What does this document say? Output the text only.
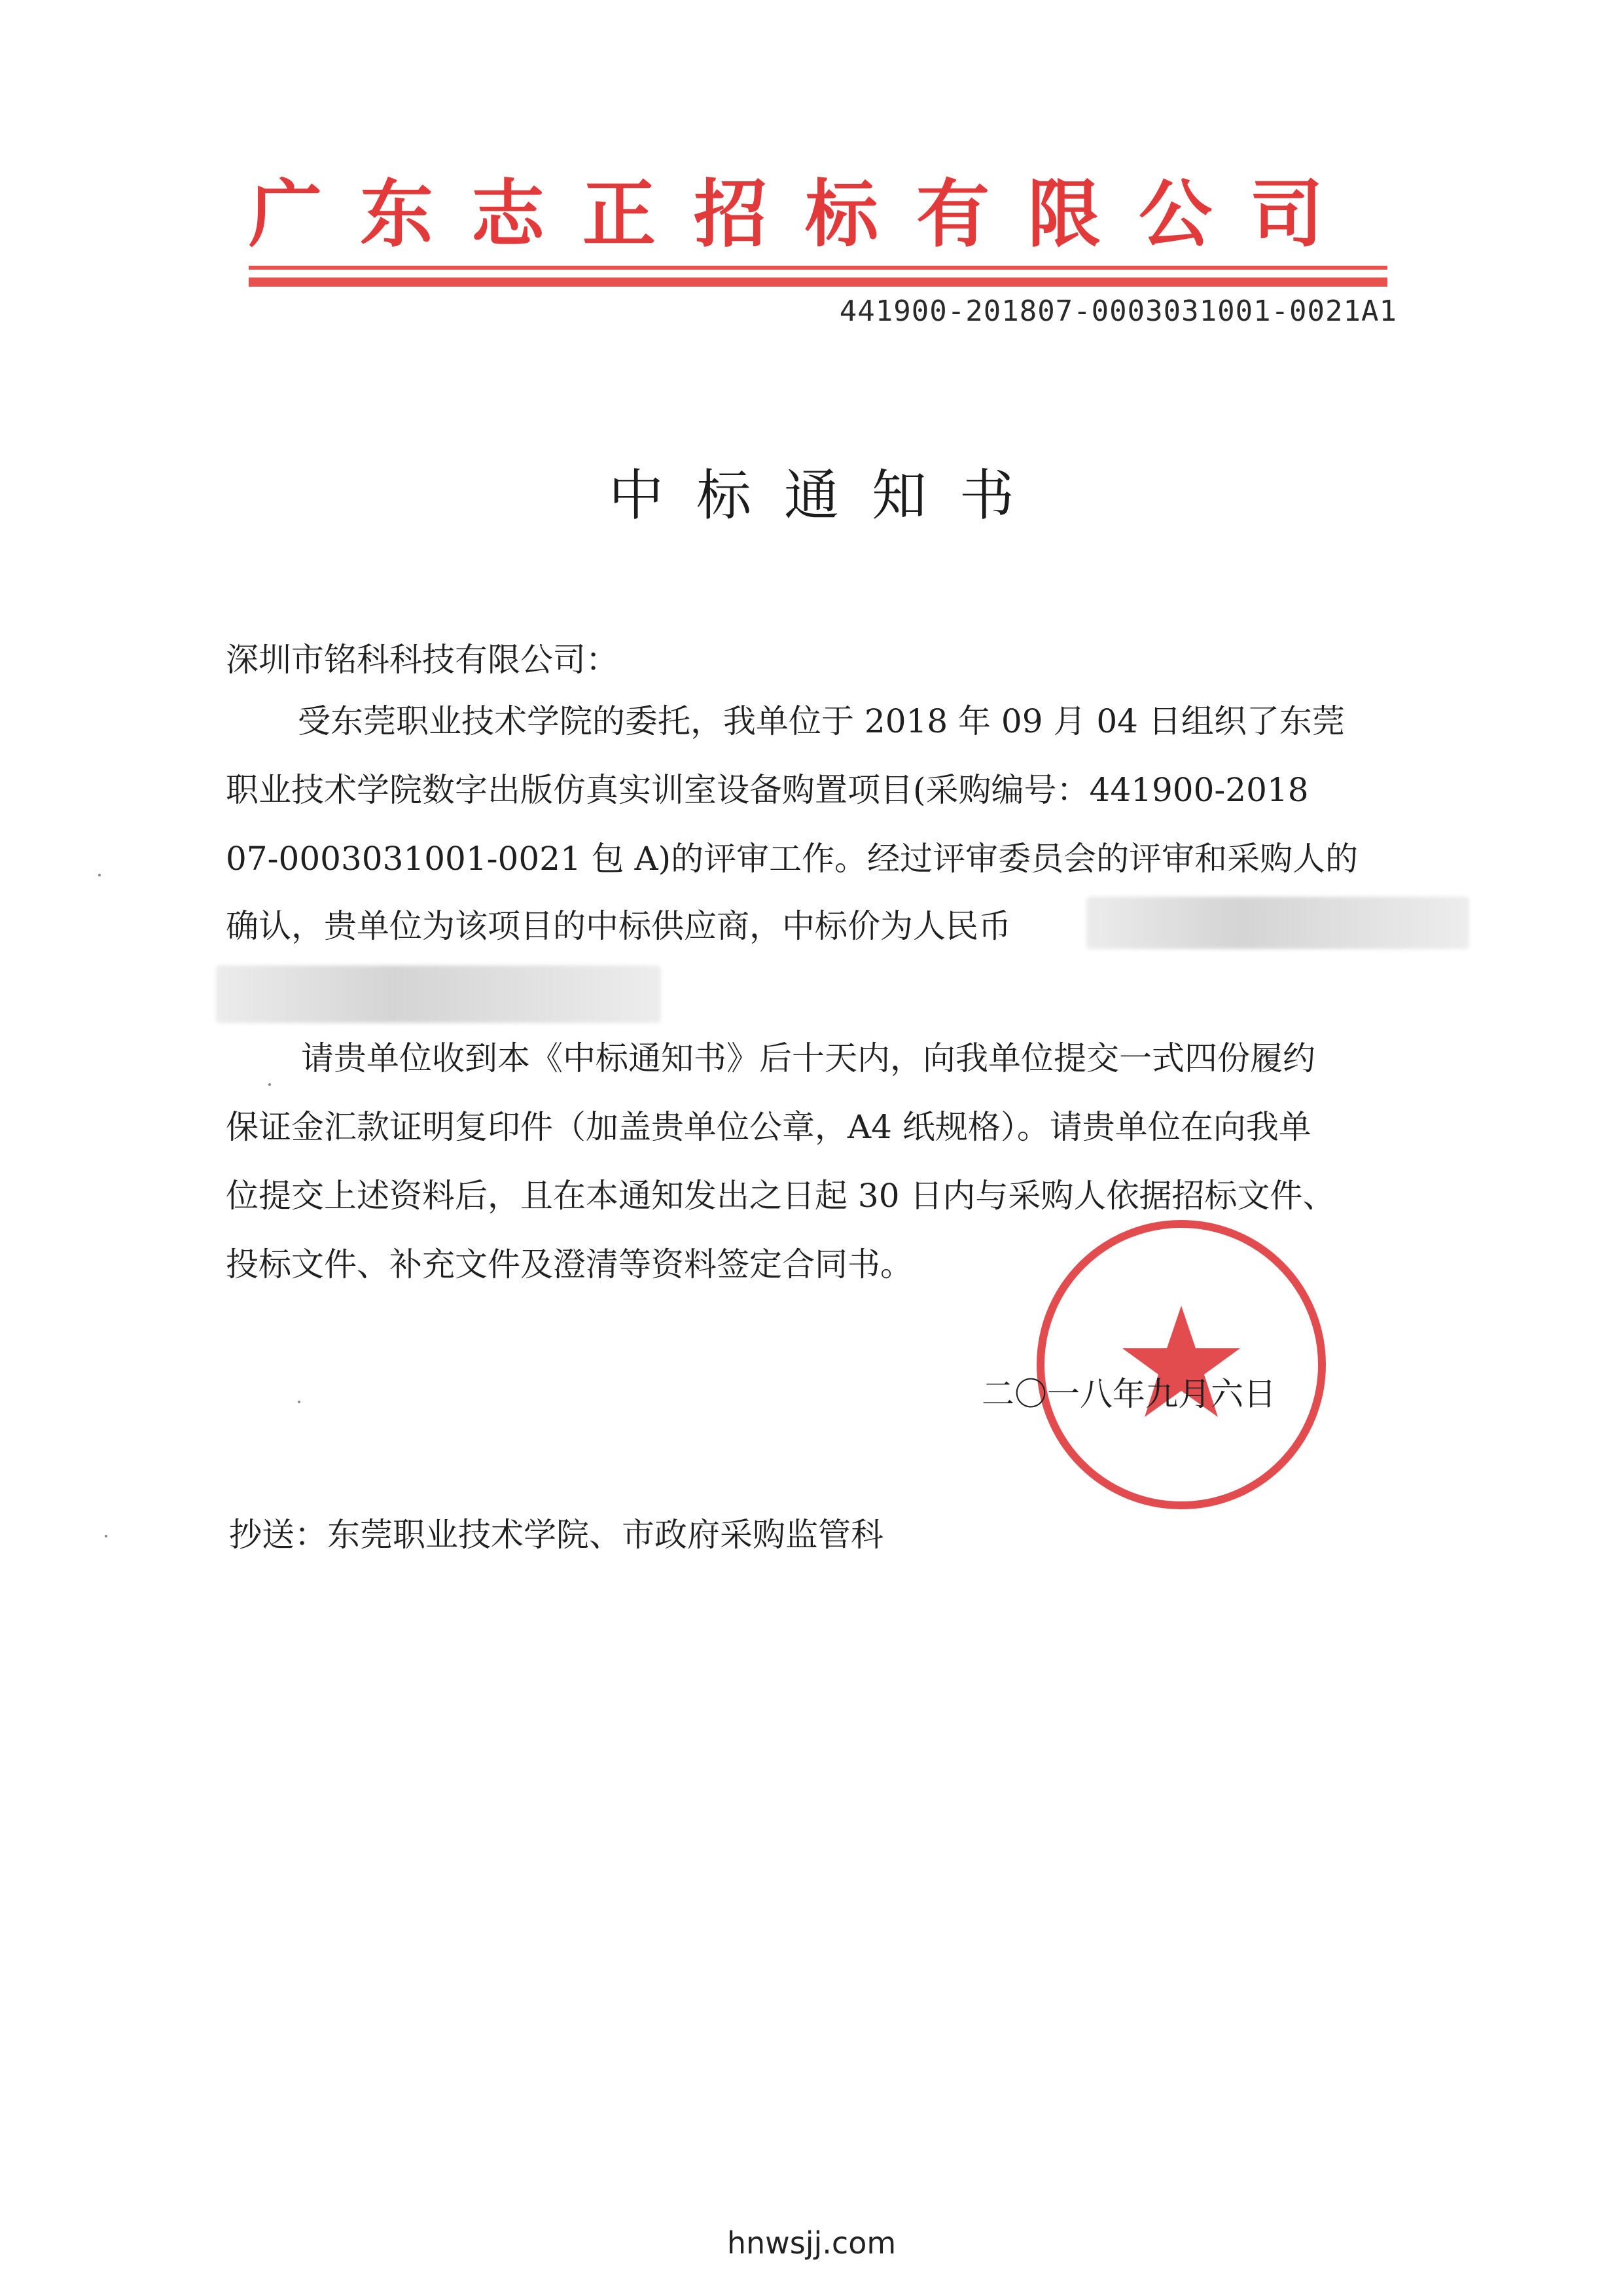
广东志正招标有限公司
441900-201807-0003031001-0021A1
中标通知书
深圳市铭科科技有限公司：
受东莞职业技术学院的委托，我单位于 2018 年 09 月 04 日组织了东莞
职业技术学院数字出版仿真实训室设备购置项目(采购编号：441900-2018
07-0003031001-0021 包 A)的评审工作。经过评审委员会的评审和采购人的
确认，贵单位为该项目的中标供应商，中标价为人民币
请贵单位收到本《中标通知书》后十天内，向我单位提交一式四份履约
保证金汇款证明复印件（加盖贵单位公章，A4 纸规格）。请贵单位在向我单
位提交上述资料后，且在本通知发出之日起 30 日内与采购人依据招标文件、
投标文件、补充文件及澄清等资料签定合同书。
二〇一八年九月六日
抄送：东莞职业技术学院、市政府采购监管科
hnwsjj.com
